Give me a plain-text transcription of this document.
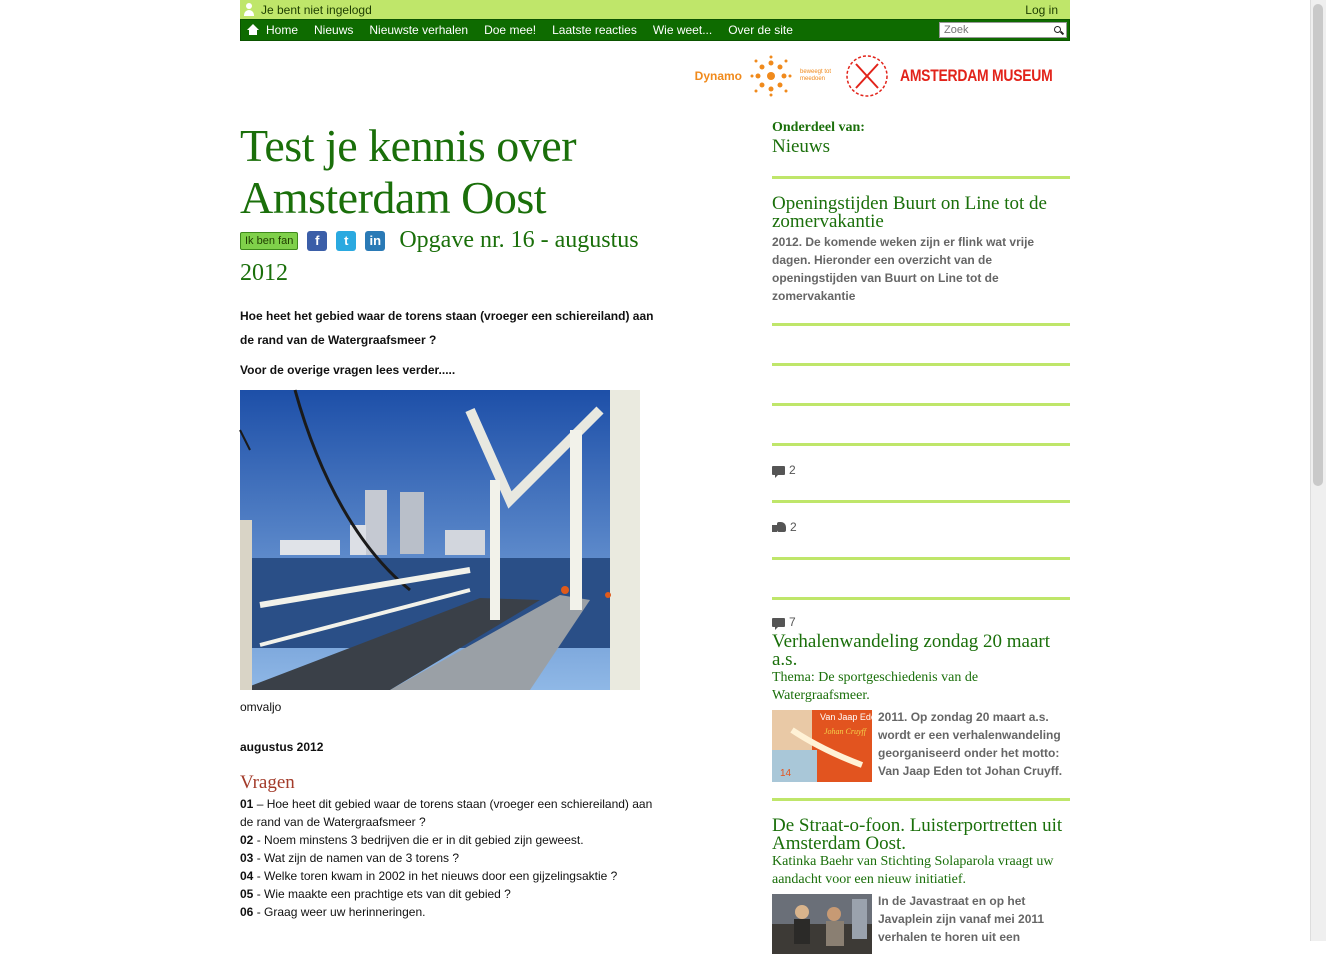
Je bent niet ingelogd	Log in
Home Nieuws Nieuwste verhalen Doe mee! Laatste reacties Wie weet... Over de site
Zoek
Dynamo	beweegt tot meedoen	AMSTERDAM MUSEUM
Test je kennis over Amsterdam Oost
Ik ben fan f t in Opgave nr. 16 - augustus 2012
Hoe heet het gebied waar de torens staan (vroeger een schiereiland) aan de rand van de Watergraafsmeer ?
Voor de overige vragen lees verder.....
omvaljo
augustus 2012
Vragen
01 – Hoe heet dit gebied waar de torens staan (vroeger een schiereiland) aan de rand van de Watergraafsmeer ?
02 - Noem minstens 3 bedrijven die er in dit gebied zijn geweest.
03 - Wat zijn de namen van de 3 torens ?
04 - Welke toren kwam in 2002 in het nieuws door een gijzelingsaktie ?
05 - Wie maakte een prachtige ets van dit gebied ?
06 - Graag weer uw herinneringen.
Onderdeel van:
Nieuws
Openingstijden Buurt on Line tot de zomervakantie
2012. De komende weken zijn er flink wat vrije dagen. Hieronder een overzicht van de openingstijden van Buurt on Line tot de zomervakantie
2
2
7
Verhalenwandeling zondag 20 maart a.s.
Thema: De sportgeschiedenis van de Watergraafsmeer.
Van Jaap Eden
Johan Cruyff
14
2011. Op zondag 20 maart a.s. wordt er een verhalenwandeling georganiseerd onder het motto: Van Jaap Eden tot Johan Cruyff.
De Straat-o-foon. Luisterportretten uit Amsterdam Oost.
Katinka Baehr van Stichting Solaparola vraagt uw aandacht voor een nieuw initiatief.
In de Javastraat en op het Javaplein zijn vanaf mei 2011 verhalen te horen uit een
